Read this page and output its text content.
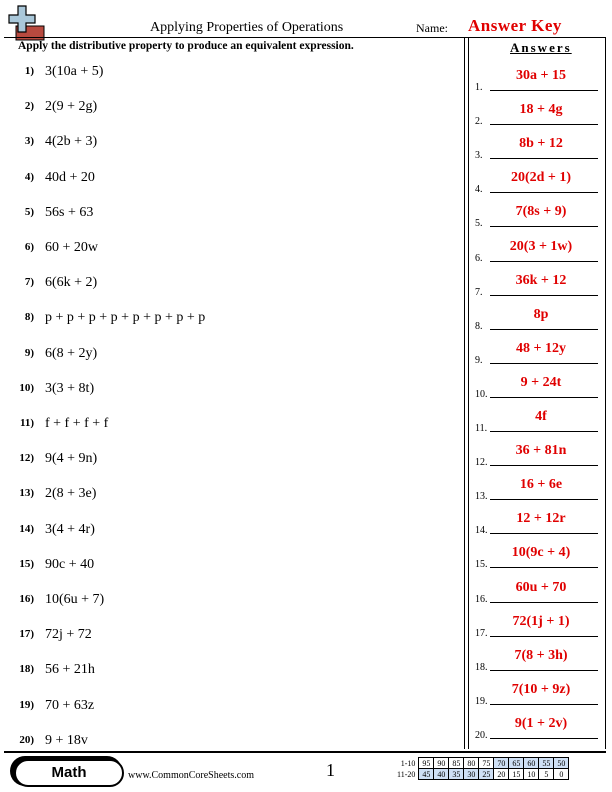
Applying Properties of Operations	Name: Answer Key
Apply the distributive property to produce an equivalent expression.	Answers
1) 3(10a + 5)
2) 2(9 + 2g)
3) 4(2b + 3)
4) 40d + 20
5) 56s + 63
6) 60 + 20w
7) 6(6k + 2)
8) p + p + p + p + p + p + p + p
9) 6(8 + 2y)
10) 3(3 + 8t)
11) f + f + f + f
12) 9(4 + 9n)
13) 2(8 + 3e)
14) 3(4 + 4r)
15) 90c + 40
16) 10(6u + 7)
17) 72j + 72
18) 56 + 21h
19) 70 + 63z
20) 9 + 18v
1.
30a + 15
2.
18 + 4g
3.
8b + 12
4.
20(2d + 1)
5.
7(8s + 9)
6.
20(3 + 1w)
7.
36k + 12
8.
8p
9.
48 + 12y
10.
9 + 24t
11.
4f
12.
36 + 81n
13.
16 + 6e
14.
12 + 12r
15.
10(9c + 4)
16.
60u + 70
17.
72(1j + 1)
18.
7(8 + 3h)
19.
7(10 + 9z)
20.
9(1 + 2v)
Math	www.CommonCoreSheets.com	1	1-10	95	90	85	80	75	70	65	60	55	50
11-20	45	40	35	30	25	20	15	10	5	0
